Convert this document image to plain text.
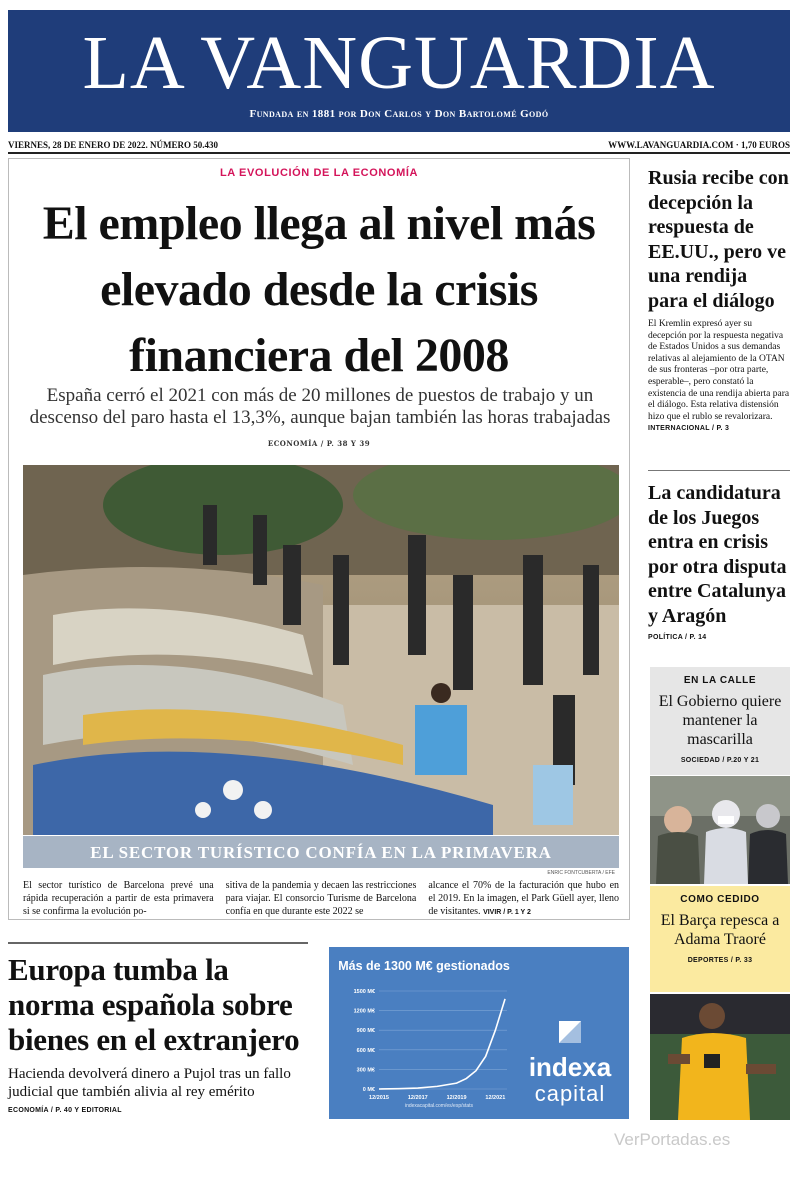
LA VANGUARDIA
Fundada en 1881 por Don Carlos y Don Bartolomé Godó
VIERNES, 28 DE ENERO DE 2022. NÚMERO 50.430	WWW.LAVANGUARDIA.COM · 1,70 EUROS
LA EVOLUCIÓN DE LA ECONOMÍA
El empleo llega al nivel más elevado desde la crisis financiera del 2008
España cerró el 2021 con más de 20 millones de puestos de trabajo y un descenso del paro hasta el 13,3%, aunque bajan también las horas trabajadas
ECONOMÍA / P. 38 Y 39
EL SECTOR TURÍSTICO CONFÍA EN LA PRIMAVERA
ENRIC FONTCUBERTA / EFE

El sector turístico de Barcelona prevé una rápida recuperación a partir de esta primavera si se confirma la evolución po-

sitiva de la pandemia y decaen las restricciones para viajar. El consorcio Turisme de Barcelona confía en que durante este 2022 se

alcance el 70% de la facturación que hubo en el 2019. En la imagen, el Park Güell ayer, lleno de visitantes. VIVIR / P. 1 Y 2

Rusia recibe con decepción la respuesta de EE.UU., pero ve una rendija para el diálogo
El Kremlin expresó ayer su decepción por la respuesta negativa de Estados Unidos a sus demandas relativas al alejamiento de la OTAN de sus fronteras –por otra parte, esperable–, pero constató la existencia de una rendija abierta para el diálogo. Esta relativa distensión hizo que el rublo se revalorizara. INTERNACIONAL / P. 3
La candidatura de los Juegos entra en crisis por otra disputa entre Catalunya y Aragón
POLÍTICA / P. 14
EN LA CALLE
El Gobierno quiere mantener la mascarilla
SOCIEDAD / P.20 Y 21
COMO CEDIDO
El Barça repesca a Adama Traoré
DEPORTES / P. 33
Europa tumba la norma española sobre bienes en el extranjero
Hacienda devolverá dinero a Pujol tras un fallo judicial que también alivia al rey emérito
ECONOMÍA / P. 40 Y EDITORIAL
Más de 1300 M€ gestionados
0 M€
300 M€
600 M€
900 M€
1200 M€
1500 M€
12/2015	12/2017	12/2019	12/2021
indexa
capital
indexacapital.com/es/esp/stats
VerPortadas.es
